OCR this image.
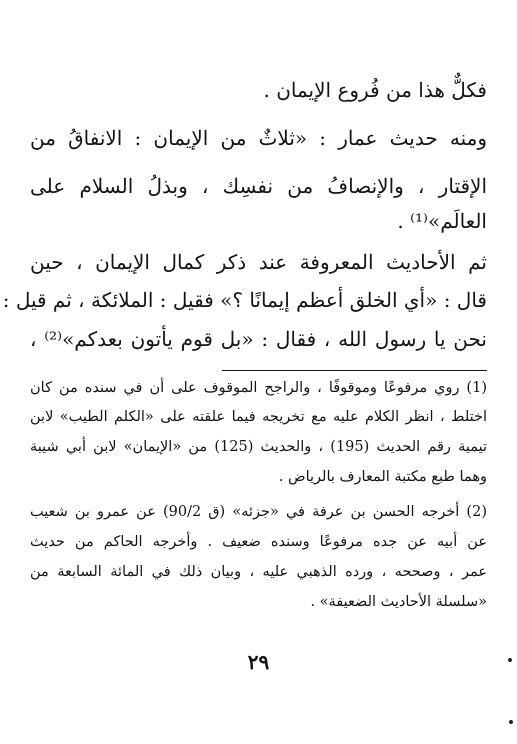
فكلٌّ هذا من فُروع الإيمان .
ومنه حديث عمار : «ثلاثٌ من الإيمان : الانفاقُ من
الإقتار ، والإنصافُ من نفسِك ، وبذلُ السلام على
العالَم»⁽¹⁾ .
ثم الأحاديث المعروفة عند ذكر كمال الإيمان ، حين
قال : «أي الخلق أعظم إيمانًا ؟» فقيل : الملائكة ، ثم قيل :
نحن يا رسول الله ، فقال : «بل قوم يأتون بعدكم»⁽²⁾ ،
(1) روي مرفوعًا وموقوفًا ، والراجح الموقوف على أن في سنده من كان
اختلط ، انظر الكلام عليه مع تخريجه فيما علقته على «الكلم الطيب» لابن
تيمية رقم الحديث (195) ، والحديث (125) من «الإيمان» لابن أبي شيبة
وهما طبع مكتبة المعارف بالرياض .
(2) أخرجه الحسن بن عرفة في «جزئه» (ق 90/2) عن عمرو بن شعيب
عن أبيه عن جده مرفوعًا وسنده ضعيف . وأخرجه الحاكم من حديث
عمر ، وصححه ، ورده الذهبي عليه ، وبيان ذلك في المائة السابعة من
«سلسلة الأحاديث الضعيفة» .
٢٩
